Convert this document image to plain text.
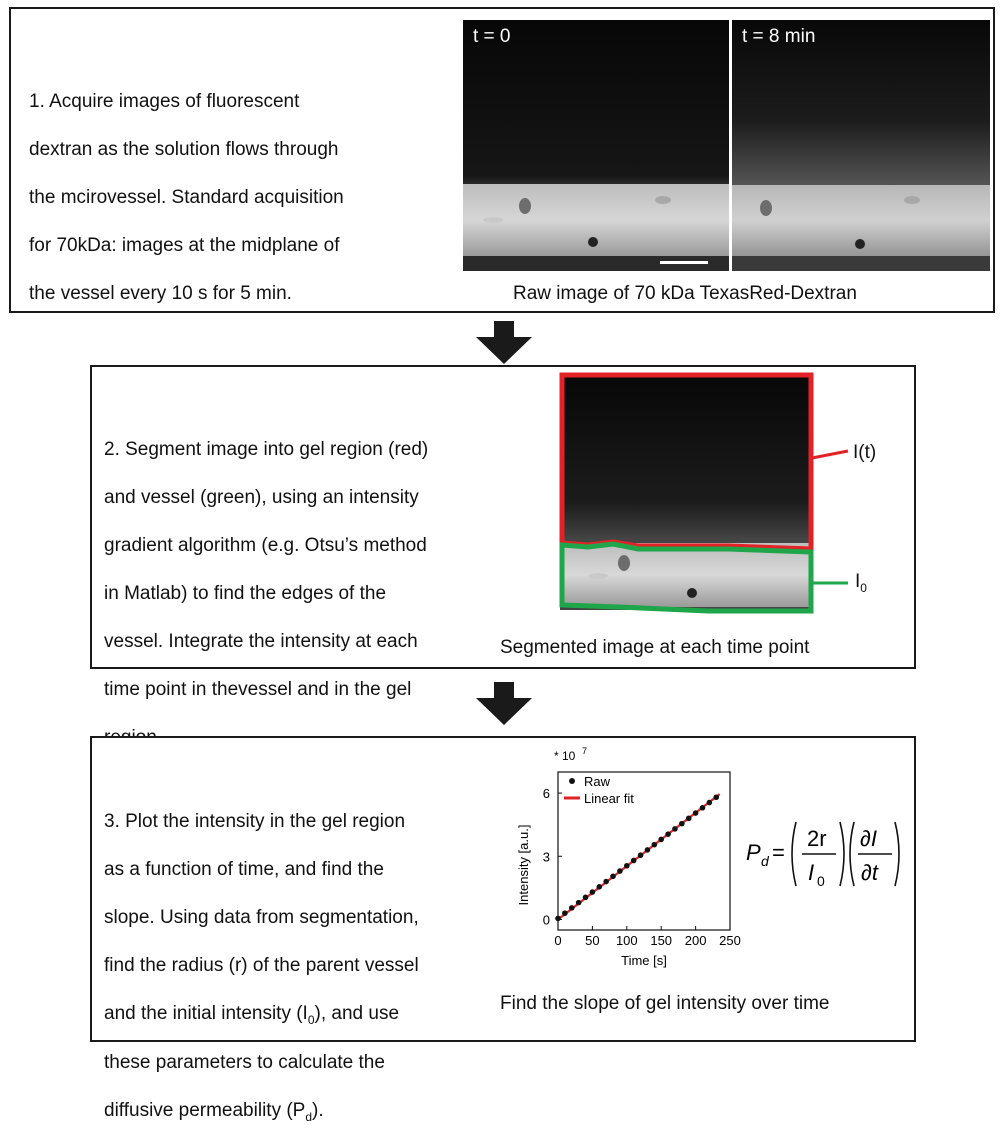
1. Acquire images of fluorescent

dextran as the solution flows through

the mcirovessel. Standard acquisition

for 70kDa: images at the midplane of

the vessel every 10 s for 5 min.

t = 0	t = 8 min
Raw image of 70 kDa TexasRed-Dextran

2. Segment image into gel region (red)

and vessel (green), using an intensity

gradient algorithm (e.g. Otsu’s method

in Matlab) to find the edges of the

vessel. Integrate the intensity at each

time point in thevessel and in the gel

I(t)
$I_0$
Segmented image at each time point

3. Plot the intensity in the gel region

as a function of time, and find the

slope. Using data from segmentation,

find the radius (r) of the parent vessel

and the initial intensity $(I_0)$, and use

these parameters to calculate the

diffusive permeability $(P_d)$.

0 50 100 150 200 250
0
3
6
Time [s]
Intensity [a.u.]
* 10 7
Raw
Linear fit
P d =
2r
I 0
∂I
∂t
Find the slope of gel intensity over time
